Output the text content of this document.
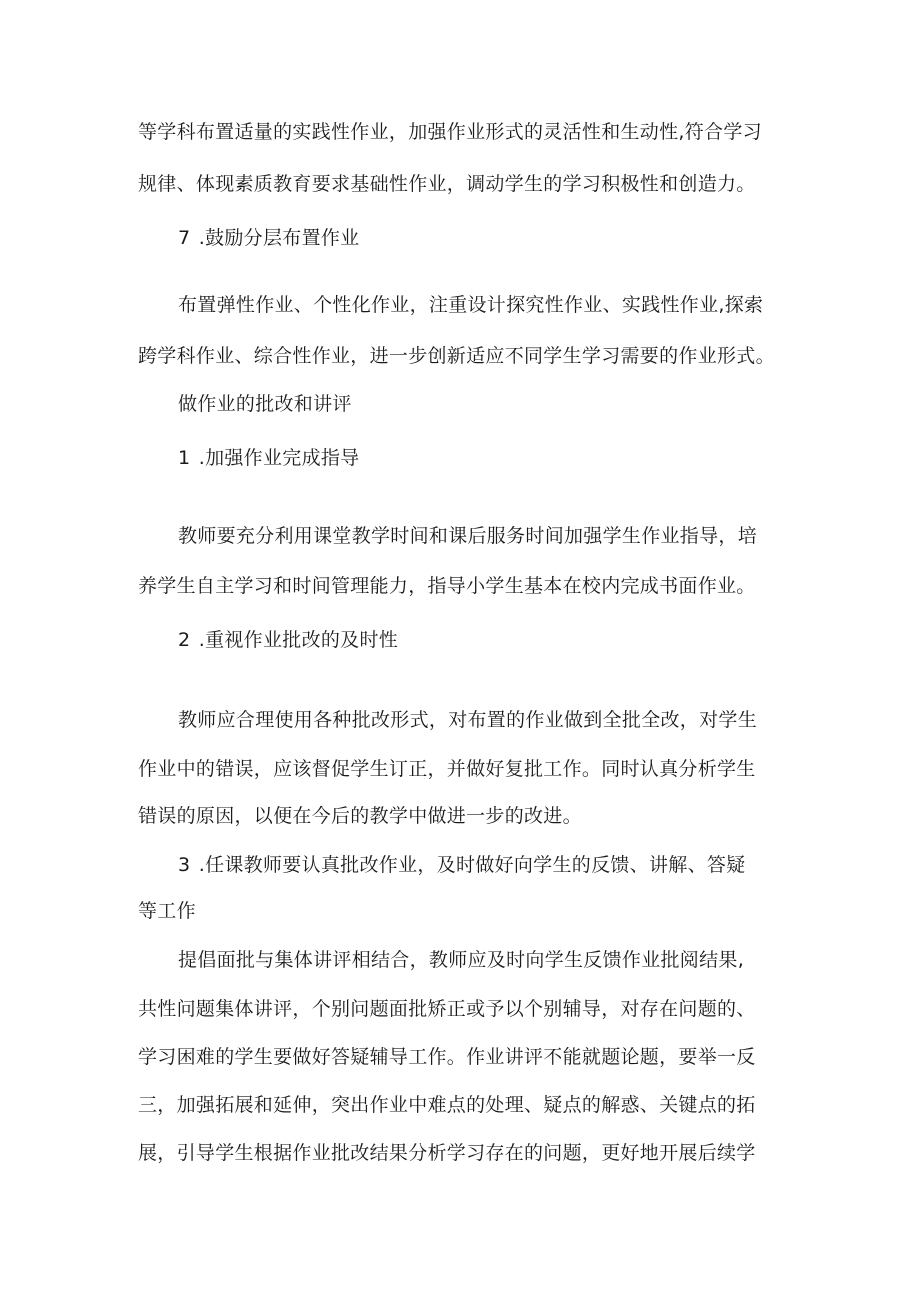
等学科布置适量的实践性作业，加强作业形式的灵活性和生动性,符合学习

规律、体现素质教育要求基础性作业，调动学生的学习积极性和创造力。

7 .鼓励分层布置作业

布置弹性作业、个性化作业，注重设计探究性作业、实践性作业,探索

跨学科作业、综合性作业，进一步创新适应不同学生学习需要的作业形式。

做作业的批改和讲评

1 .加强作业完成指导

教师要充分利用课堂教学时间和课后服务时间加强学生作业指导，培

养学生自主学习和时间管理能力，指导小学生基本在校内完成书面作业。

2 .重视作业批改的及时性

教师应合理使用各种批改形式，对布置的作业做到全批全改，对学生

作业中的错误，应该督促学生订正，并做好复批工作。同时认真分析学生

错误的原因，以便在今后的教学中做进一步的改进。

3 .任课教师要认真批改作业，及时做好向学生的反馈、讲解、答疑

等工作

提倡面批与集体讲评相结合，教师应及时向学生反馈作业批阅结果,

共性问题集体讲评，个别问题面批矫正或予以个别辅导，对存在问题的、

学习困难的学生要做好答疑辅导工作。作业讲评不能就题论题，要举一反

三，加强拓展和延伸，突出作业中难点的处理、疑点的解惑、关键点的拓

展，引导学生根据作业批改结果分析学习存在的问题，更好地开展后续学
